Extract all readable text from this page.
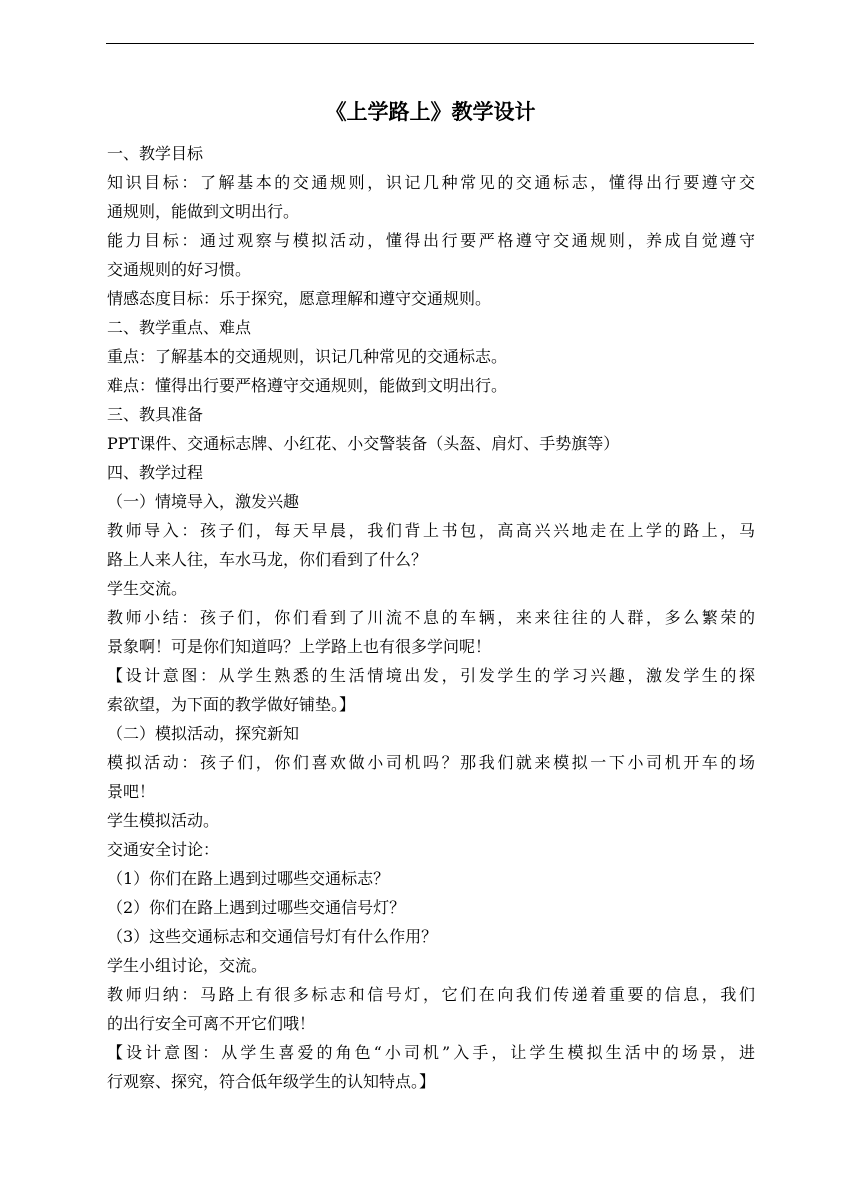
《上学路上》教学设计
一、教学目标
知识目标：了解基本的交通规则，识记几种常见的交通标志，懂得出行要遵守交
通规则，能做到文明出行。
能力目标：通过观察与模拟活动，懂得出行要严格遵守交通规则，养成自觉遵守
交通规则的好习惯。
情感态度目标：乐于探究，愿意理解和遵守交通规则。
二、教学重点、难点
重点：了解基本的交通规则，识记几种常见的交通标志。
难点：懂得出行要严格遵守交通规则，能做到文明出行。
三、教具准备
PPT课件、交通标志牌、小红花、小交警装备（头盔、肩灯、手势旗等）
四、教学过程
（一）情境导入，激发兴趣
教师导入：孩子们，每天早晨，我们背上书包，高高兴兴地走在上学的路上，马
路上人来人往，车水马龙，你们看到了什么？
学生交流。
教师小结：孩子们，你们看到了川流不息的车辆，来来往往的人群，多么繁荣的
景象啊！可是你们知道吗？上学路上也有很多学问呢！
【设计意图：从学生熟悉的生活情境出发，引发学生的学习兴趣，激发学生的探
索欲望，为下面的教学做好铺垫。】
（二）模拟活动，探究新知
模拟活动：孩子们，你们喜欢做小司机吗？那我们就来模拟一下小司机开车的场
景吧！
学生模拟活动。
交通安全讨论：
（1）你们在路上遇到过哪些交通标志？
（2）你们在路上遇到过哪些交通信号灯？
（3）这些交通标志和交通信号灯有什么作用？
学生小组讨论，交流。
教师归纳：马路上有很多标志和信号灯，它们在向我们传递着重要的信息，我们
的出行安全可离不开它们哦！
【设计意图：从学生喜爱的角色“小司机”入手，让学生模拟生活中的场景，进
行观察、探究，符合低年级学生的认知特点。】
